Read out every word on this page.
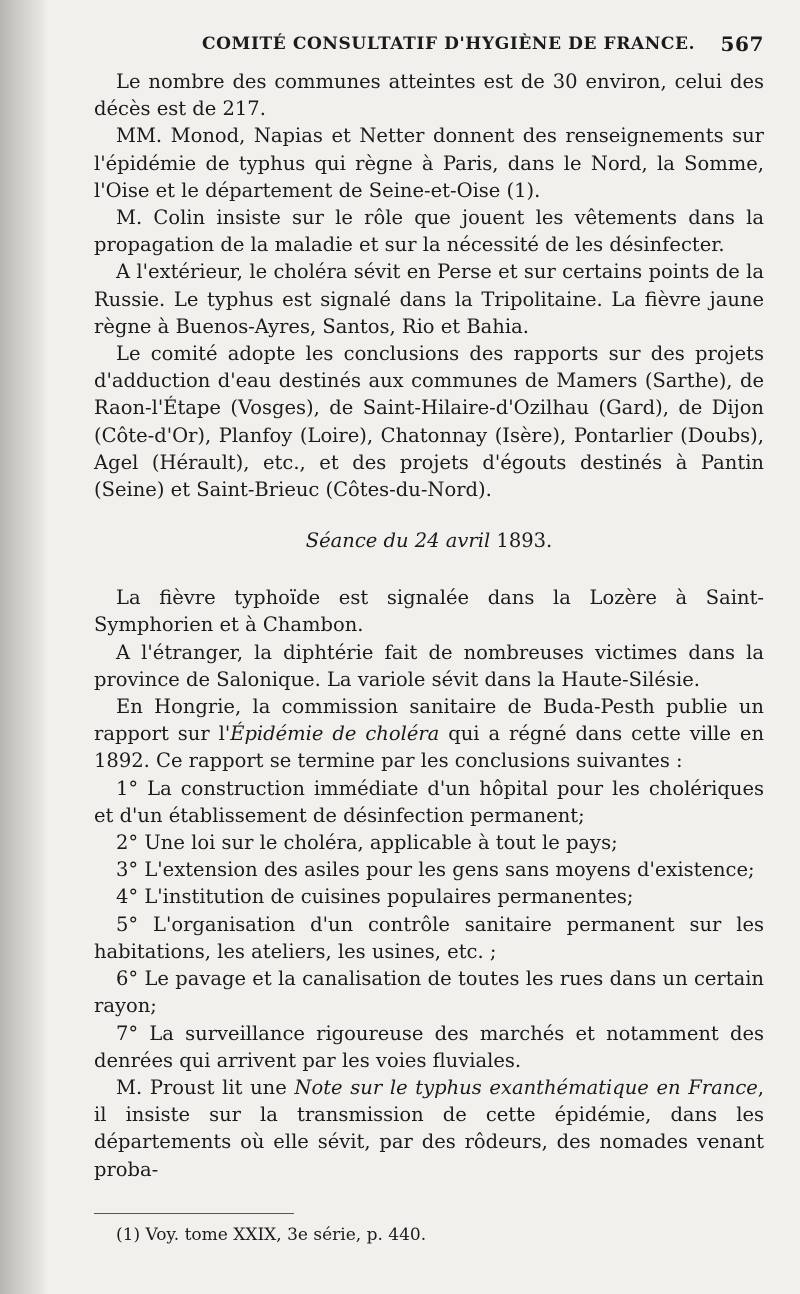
COMITÉ CONSULTATIF D'HYGIÈNE DE FRANCE. 567

Le nombre des communes atteintes est de 30 environ, celui des décès est de 217.

MM. Monod, Napias et Netter donnent des renseignements sur l'épidémie de typhus qui règne à Paris, dans le Nord, la Somme, l'Oise et le département de Seine-et-Oise (1).

M. Colin insiste sur le rôle que jouent les vêtements dans la propagation de la maladie et sur la nécessité de les désinfecter.

A l'extérieur, le choléra sévit en Perse et sur certains points de la Russie. Le typhus est signalé dans la Tripolitaine. La fièvre jaune règne à Buenos-Ayres, Santos, Rio et Bahia.

Le comité adopte les conclusions des rapports sur des projets d'adduction d'eau destinés aux communes de Mamers (Sarthe), de Raon-l'Étape (Vosges), de Saint-Hilaire-d'Ozilhau (Gard), de Dijon (Côte-d'Or), Planfoy (Loire), Chatonnay (Isère), Pontarlier (Doubs), Agel (Hérault), etc., et des projets d'égouts destinés à Pantin (Seine) et Saint-Brieuc (Côtes-du-Nord).

Séance du 24 avril 1893.

La fièvre typhoïde est signalée dans la Lozère à Saint-Symphorien et à Chambon.

A l'étranger, la diphtérie fait de nombreuses victimes dans la province de Salonique. La variole sévit dans la Haute-Silésie.

En Hongrie, la commission sanitaire de Buda-Pesth publie un rapport sur l'Épidémie de choléra qui a régné dans cette ville en 1892. Ce rapport se termine par les conclusions suivantes :

1° La construction immédiate d'un hôpital pour les cholériques et d'un établissement de désinfection permanent;

2° Une loi sur le choléra, applicable à tout le pays;

3° L'extension des asiles pour les gens sans moyens d'existence;

4° L'institution de cuisines populaires permanentes;

5° L'organisation d'un contrôle sanitaire permanent sur les habitations, les ateliers, les usines, etc. ;

6° Le pavage et la canalisation de toutes les rues dans un certain rayon;

7° La surveillance rigoureuse des marchés et notamment des denrées qui arrivent par les voies fluviales.

M. Proust lit une Note sur le typhus exanthématique en France, il insiste sur la transmission de cette épidémie, dans les départements où elle sévit, par des rôdeurs, des nomades venant proba-

(1) Voy. tome XXIX, 3e série, p. 440.
